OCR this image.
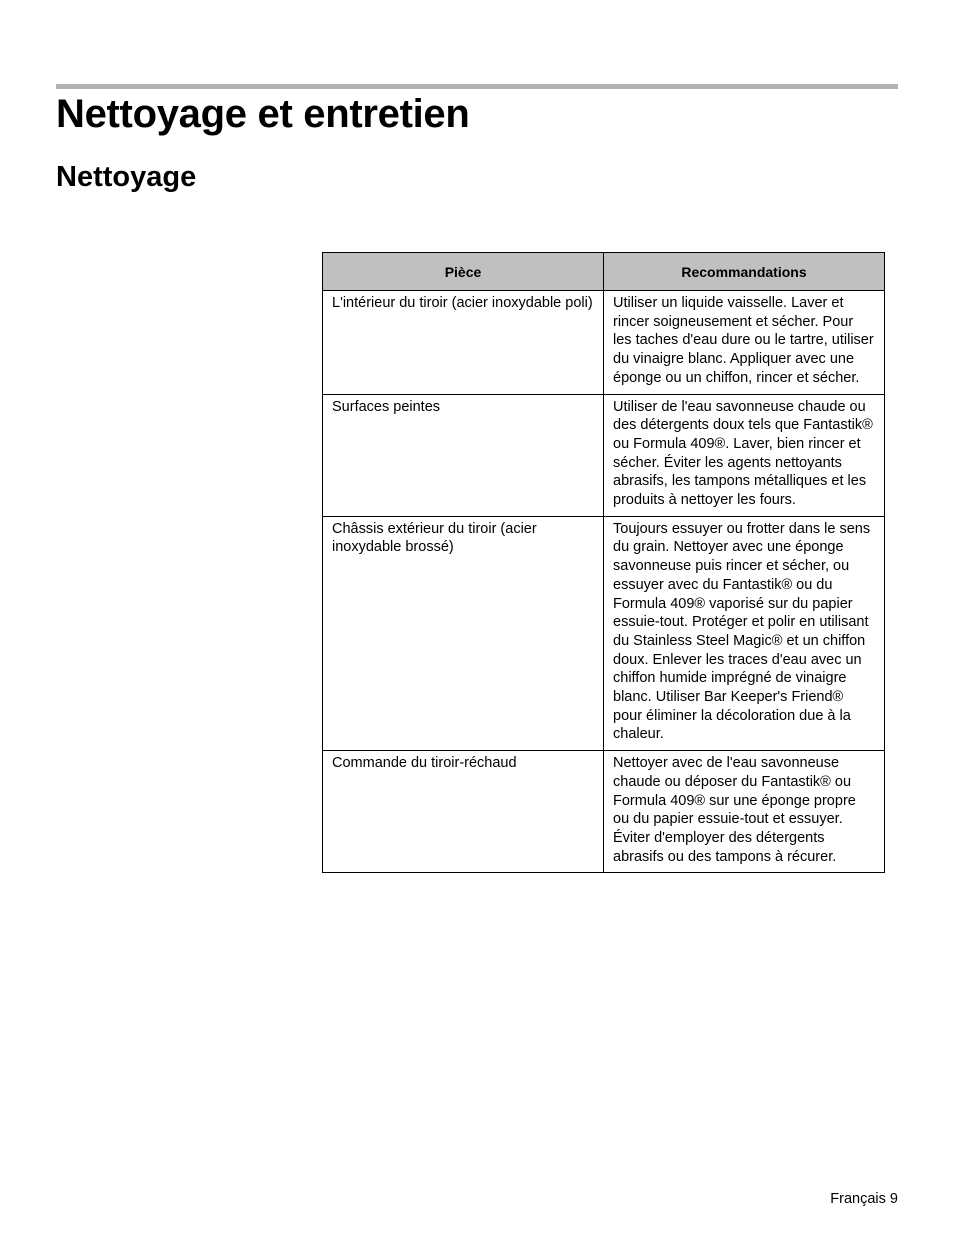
Nettoyage et entretien
Nettoyage
Pièce	Recommandations
L'intérieur du tiroir (acier inoxydable poli)	Utiliser un liquide vaisselle. Laver et rincer soigneusement et sécher. Pour les taches d'eau dure ou le tartre, utiliser du vinaigre blanc. Appliquer avec une éponge ou un chiffon, rincer et sécher.
Surfaces peintes	Utiliser de l'eau savonneuse chaude ou des détergents doux tels que Fantastik® ou Formula 409®. Laver, bien rincer et sécher. Éviter les agents nettoyants abrasifs, les tampons métalliques et les produits à nettoyer les fours.
Châssis extérieur du tiroir (acier inoxydable brossé)	Toujours essuyer ou frotter dans le sens du grain. Nettoyer avec une éponge savonneuse puis rincer et sécher, ou essuyer avec du Fantastik® ou du Formula 409® vaporisé sur du papier essuie-tout. Protéger et polir en utilisant du Stainless Steel Magic® et un chiffon doux. Enlever les traces d'eau avec un chiffon humide imprégné de vinaigre blanc. Utiliser Bar Keeper's Friend® pour éliminer la décoloration due à la chaleur.
Commande du tiroir-réchaud	Nettoyer avec de l'eau savonneuse chaude ou déposer du Fantastik® ou Formula 409® sur une éponge propre ou du papier essuie-tout et essuyer. Éviter d'employer des détergents abrasifs ou des tampons à récurer.
Français 9
